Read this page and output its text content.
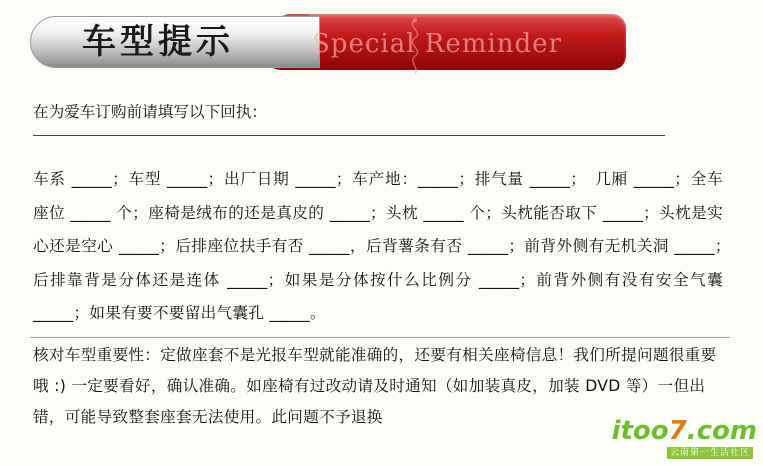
车型提示	Special Reminder

在为爱车订购前请填写以下回执：

车系 _____；车型 _____；出厂日期 _____；车产地：_____；排气量 _____；　几厢 _____；全车座位 _____ 个；座椅是绒布的还是真皮的 _____；头枕 _____ 个；头枕能否取下 _____；头枕是实心还是空心 _____；后排座位扶手有否 _____，后背薯条有否 _____；前背外侧有无机关洞 _____；　　后排靠背是分体还是连体 _____；如果是分体按什么比例分 _____；前背外侧有没有安全气囊 _____；如果有要不要留出气囊孔 _____。

核对车型重要性：定做座套不是光报车型就能准确的，还要有相关座椅信息！我们所提问题很重要哦 :) 一定要看好，确认准确。如座椅有过改动请及时通知（如加装真皮，加装 DVD 等）一但出错，可能导致整套座套无法使用。此问题不予退换	itoo7.com
云南第一生活社区
